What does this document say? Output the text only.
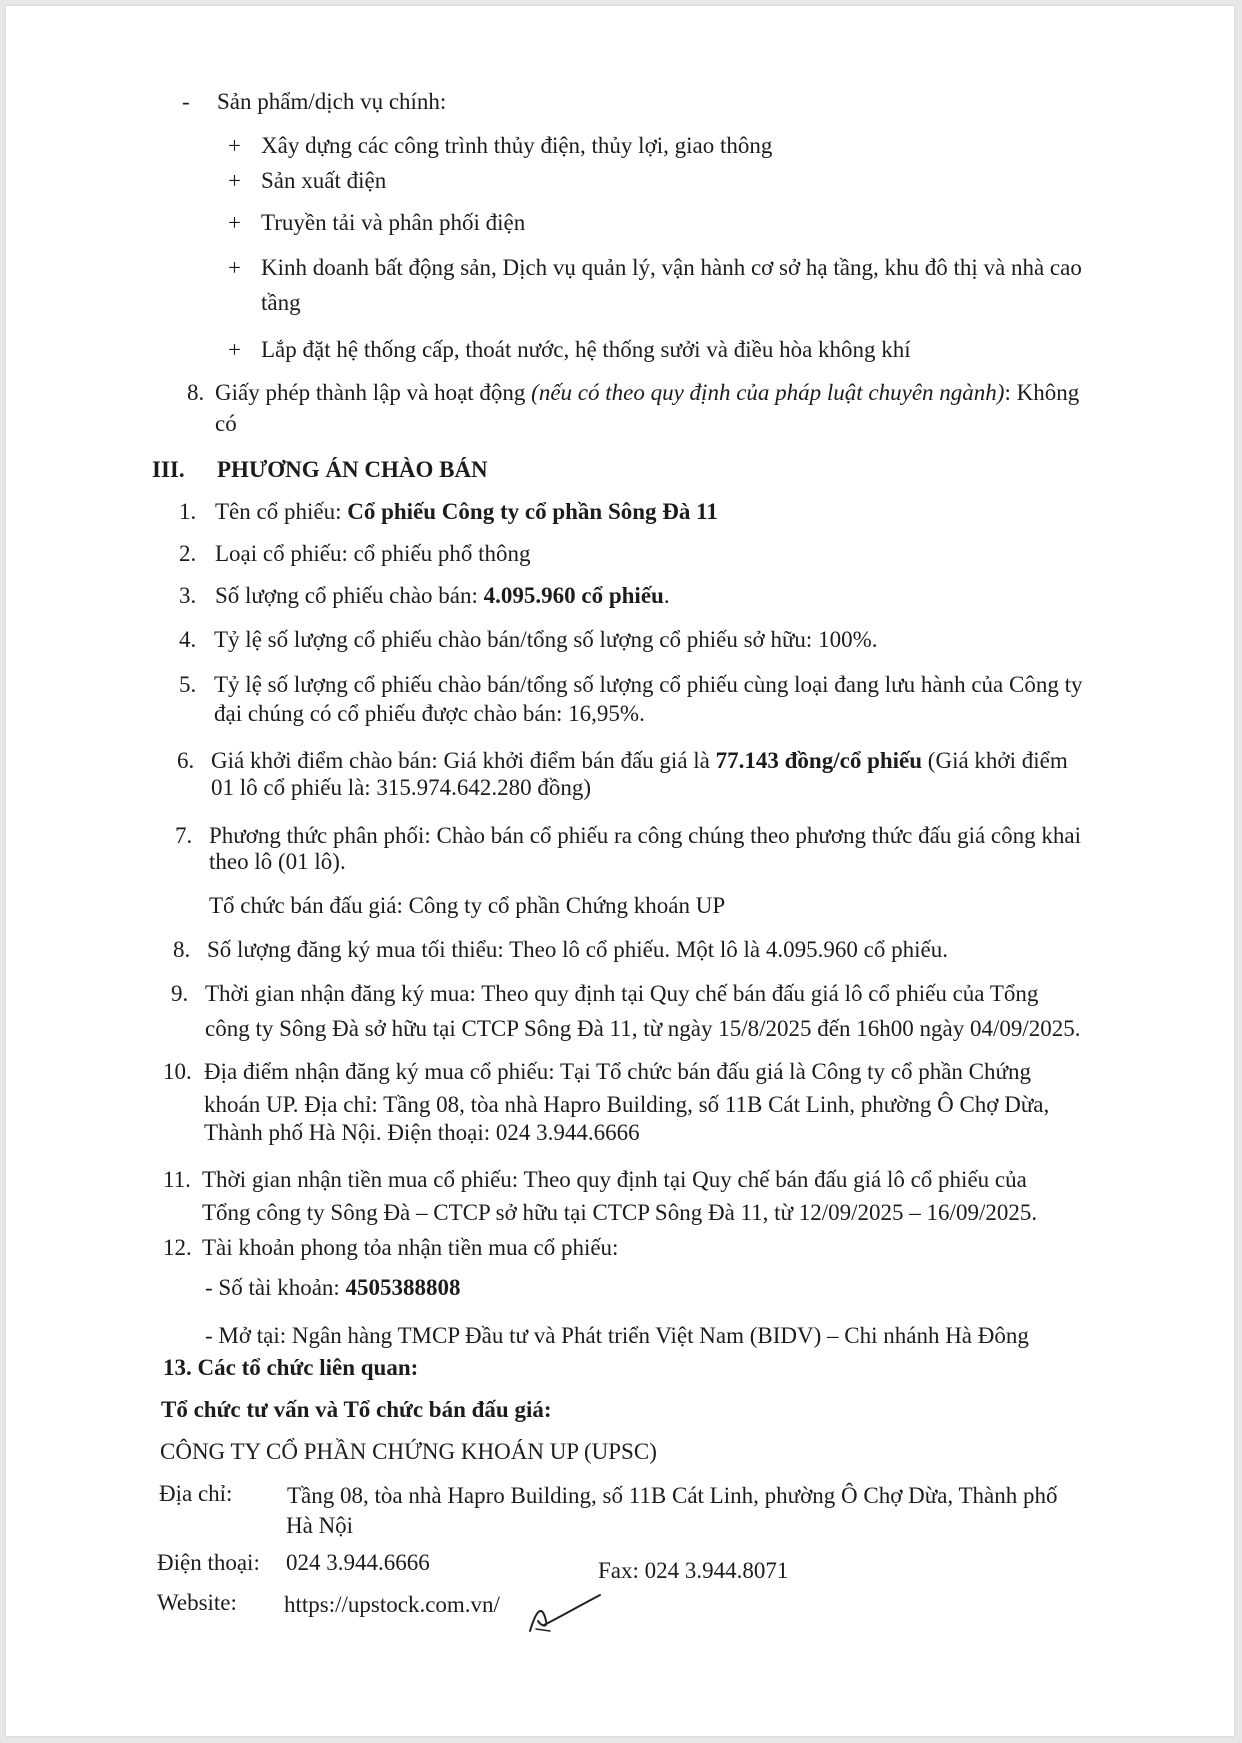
- Sản phẩm/dịch vụ chính:
+ Xây dựng các công trình thủy điện, thủy lợi, giao thông
+ Sản xuất điện
+ Truyền tải và phân phối điện
+ Kinh doanh bất động sản, Dịch vụ quản lý, vận hành cơ sở hạ tầng, khu đô thị và nhà cao
tầng
+ Lắp đặt hệ thống cấp, thoát nước, hệ thống sưởi và điều hòa không khí
8. Giấy phép thành lập và hoạt động (nếu có theo quy định của pháp luật chuyên ngành): Không
có
III. PHƯƠNG ÁN CHÀO BÁN
1. Tên cổ phiếu: Cổ phiếu Công ty cổ phần Sông Đà 11
2. Loại cổ phiếu: cổ phiếu phổ thông
3. Số lượng cổ phiếu chào bán: 4.095.960 cổ phiếu.
4. Tỷ lệ số lượng cổ phiếu chào bán/tổng số lượng cổ phiếu sở hữu: 100%.
5. Tỷ lệ số lượng cổ phiếu chào bán/tổng số lượng cổ phiếu cùng loại đang lưu hành của Công ty
đại chúng có cổ phiếu được chào bán: 16,95%.
6. Giá khởi điểm chào bán: Giá khởi điểm bán đấu giá là 77.143 đồng/cổ phiếu (Giá khởi điểm
01 lô cổ phiếu là: 315.974.642.280 đồng)
7. Phương thức phân phối: Chào bán cổ phiếu ra công chúng theo phương thức đấu giá công khai
theo lô (01 lô).
Tổ chức bán đấu giá: Công ty cổ phần Chứng khoán UP
8. Số lượng đăng ký mua tối thiểu: Theo lô cổ phiếu. Một lô là 4.095.960 cổ phiếu.
9. Thời gian nhận đăng ký mua: Theo quy định tại Quy chế bán đấu giá lô cổ phiếu của Tổng
công ty Sông Đà sở hữu tại CTCP Sông Đà 11, từ ngày 15/8/2025 đến 16h00 ngày 04/09/2025.
10. Địa điểm nhận đăng ký mua cổ phiếu: Tại Tổ chức bán đấu giá là Công ty cổ phần Chứng
khoán UP. Địa chỉ: Tầng 08, tòa nhà Hapro Building, số 11B Cát Linh, phường Ô Chợ Dừa,
Thành phố Hà Nội. Điện thoại: 024 3.944.6666
11. Thời gian nhận tiền mua cổ phiếu: Theo quy định tại Quy chế bán đấu giá lô cổ phiếu của
Tổng công ty Sông Đà – CTCP sở hữu tại CTCP Sông Đà 11, từ 12/09/2025 – 16/09/2025.
12. Tài khoản phong tỏa nhận tiền mua cổ phiếu:
- Số tài khoản: 4505388808
- Mở tại: Ngân hàng TMCP Đầu tư và Phát triển Việt Nam (BIDV) – Chi nhánh Hà Đông
13. Các tổ chức liên quan:
Tổ chức tư vấn và Tổ chức bán đấu giá:
CÔNG TY CỔ PHẦN CHỨNG KHOÁN UP (UPSC)
Địa chỉ: Tầng 08, tòa nhà Hapro Building, số 11B Cát Linh, phường Ô Chợ Dừa, Thành phố
Hà Nội
Điện thoại: 024 3.944.6666	Fax: 024 3.944.8071
Website: https://upstock.com.vn/
